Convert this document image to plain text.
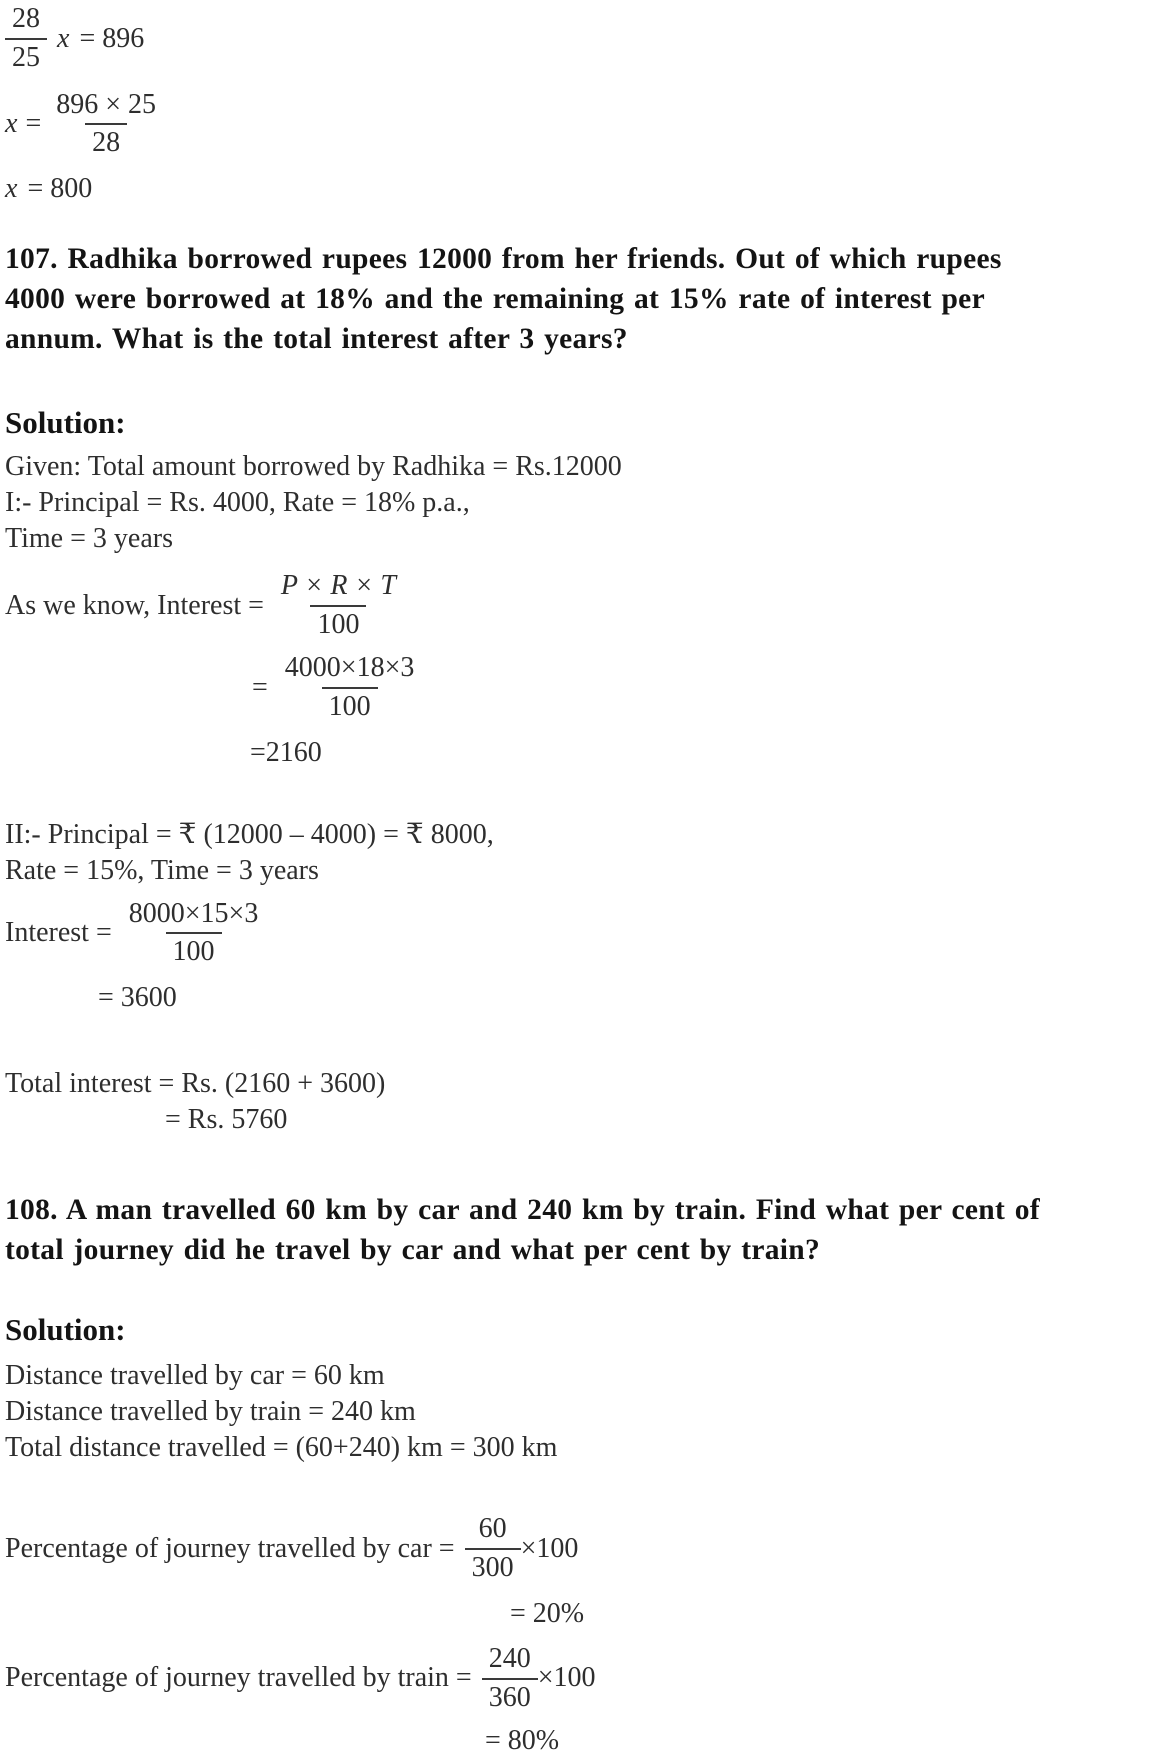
$\frac{28}{25}$ x = 896
$x = \frac{896 \times 25}{28}$
x = 800
107. Radhika borrowed rupees 12000 from her friends. Out of which rupees 4000 were borrowed at 18% and the remaining at 15% rate of interest per annum. What is the total interest after 3 years?
Solution:
Given: Total amount borrowed by Radhika = Rs.12000
I:- Principal = Rs. 4000, Rate = 18% p.a.,
Time = 3 years
As we know, Interest = $\frac{P \times R \times T}{100}$
= $\frac{4000\times 18\times 3}{100}$
=2160
II:- Principal = ₹ (12000 – 4000) = ₹ 8000,
Rate = 15%, Time = 3 years
Interest = $\frac{8000\times 15\times 3}{100}$
= 3600
Total interest = Rs. (2160 + 3600)
= Rs. 5760
108. A man travelled 60 km by car and 240 km by train. Find what per cent of total journey did he travel by car and what per cent by train?
Solution:
Distance travelled by car = 60 km
Distance travelled by train = 240 km
Total distance travelled = (60+240) km = 300 km
Percentage of journey travelled by car = $\frac{60}{300} \times 100$
= 20%
Percentage of journey travelled by train = $\frac{240}{360} \times 100$
= 80%
